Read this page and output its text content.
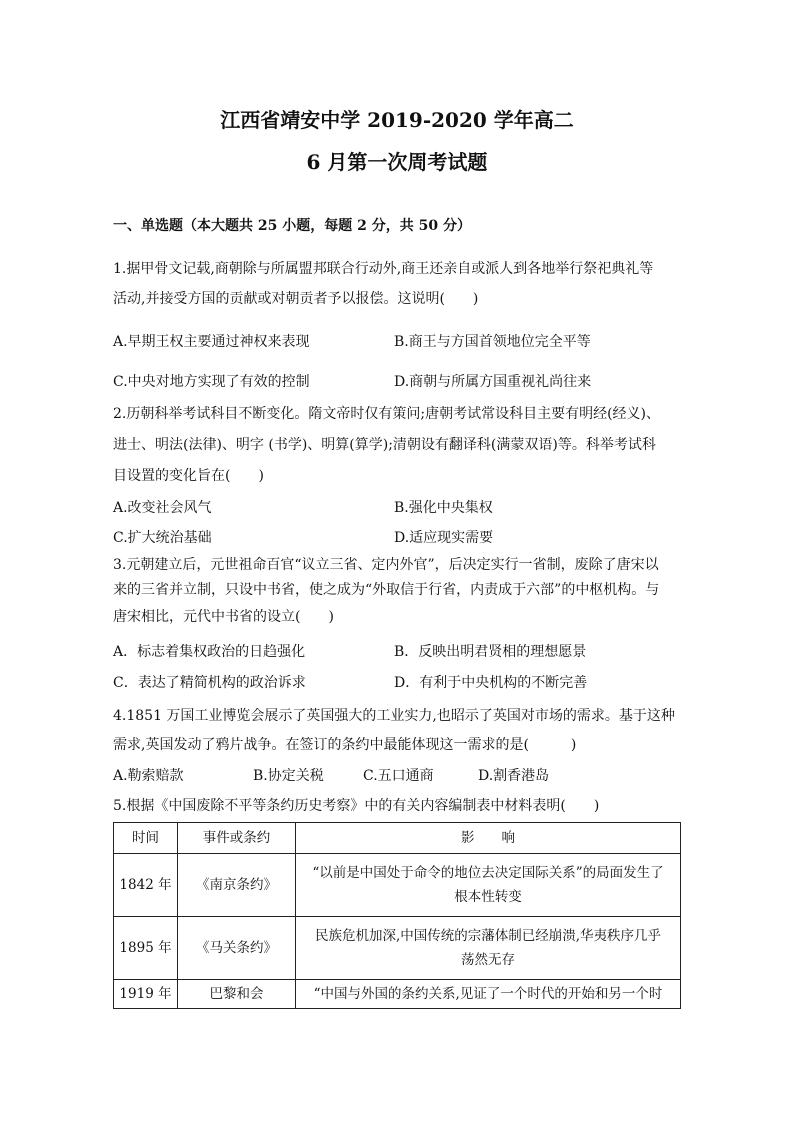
江西省靖安中学 2019-2020 学年高二
6 月第一次周考试题
一、单选题（本大题共 25 小题，每题 2 分，共 50 分）
1.据甲骨文记载,商朝除与所属盟邦联合行动外,商王还亲自或派人到各地举行祭祀典礼等
活动,并接受方国的贡献或对朝贡者予以报偿。这说明(　　)
A.早期王权主要通过神权来表现	B.商王与方国首领地位完全平等
C.中央对地方实现了有效的控制	D.商朝与所属方国重视礼尚往来
2.历朝科举考试科目不断变化。隋文帝时仅有策问;唐朝考试常设科目主要有明经(经义)、
进士、明法(法律)、明字 (书学)、明算(算学);清朝设有翻译科(满蒙双语)等。科举考试科
目设置的变化旨在(　　)
A.改变社会风气	B.强化中央集权
C.扩大统治基础	D.适应现实需要
3.元朝建立后，元世祖命百官“议立三省、定内外官”，后决定实行一省制，废除了唐宋以
来的三省并立制，只设中书省，使之成为“外取信于行省，内责成于六部”的中枢机构。与
唐宋相比，元代中书省的设立(　　)
A．标志着集权政治的日趋强化	B．反映出明君贤相的理想愿景
C．表达了精简机构的政治诉求	D．有利于中央机构的不断完善
4.1851 万国工业博览会展示了英国强大的工业实力,也昭示了英国对市场的需求。基于这种
需求,英国发动了鸦片战争。在签订的条约中最能体现这一需求的是(　　　)
A.勒索赔款	B.协定关税	C.五口通商	D.割香港岛
5.根据《中国废除不平等条约历史考察》中的有关内容编制表中材料表明(　　)
时间	事件或条约	影　　响
1842 年	《南京条约》	“以前是中国处于命令的地位去决定国际关系”的局面发生了
根本性转变

1895 年	《马关条约》	民族危机加深,中国传统的宗藩体制已经崩溃,华夷秩序几乎
荡然无存

1919 年	巴黎和会	“中国与外国的条约关系,见证了一个时代的开始和另一个时
